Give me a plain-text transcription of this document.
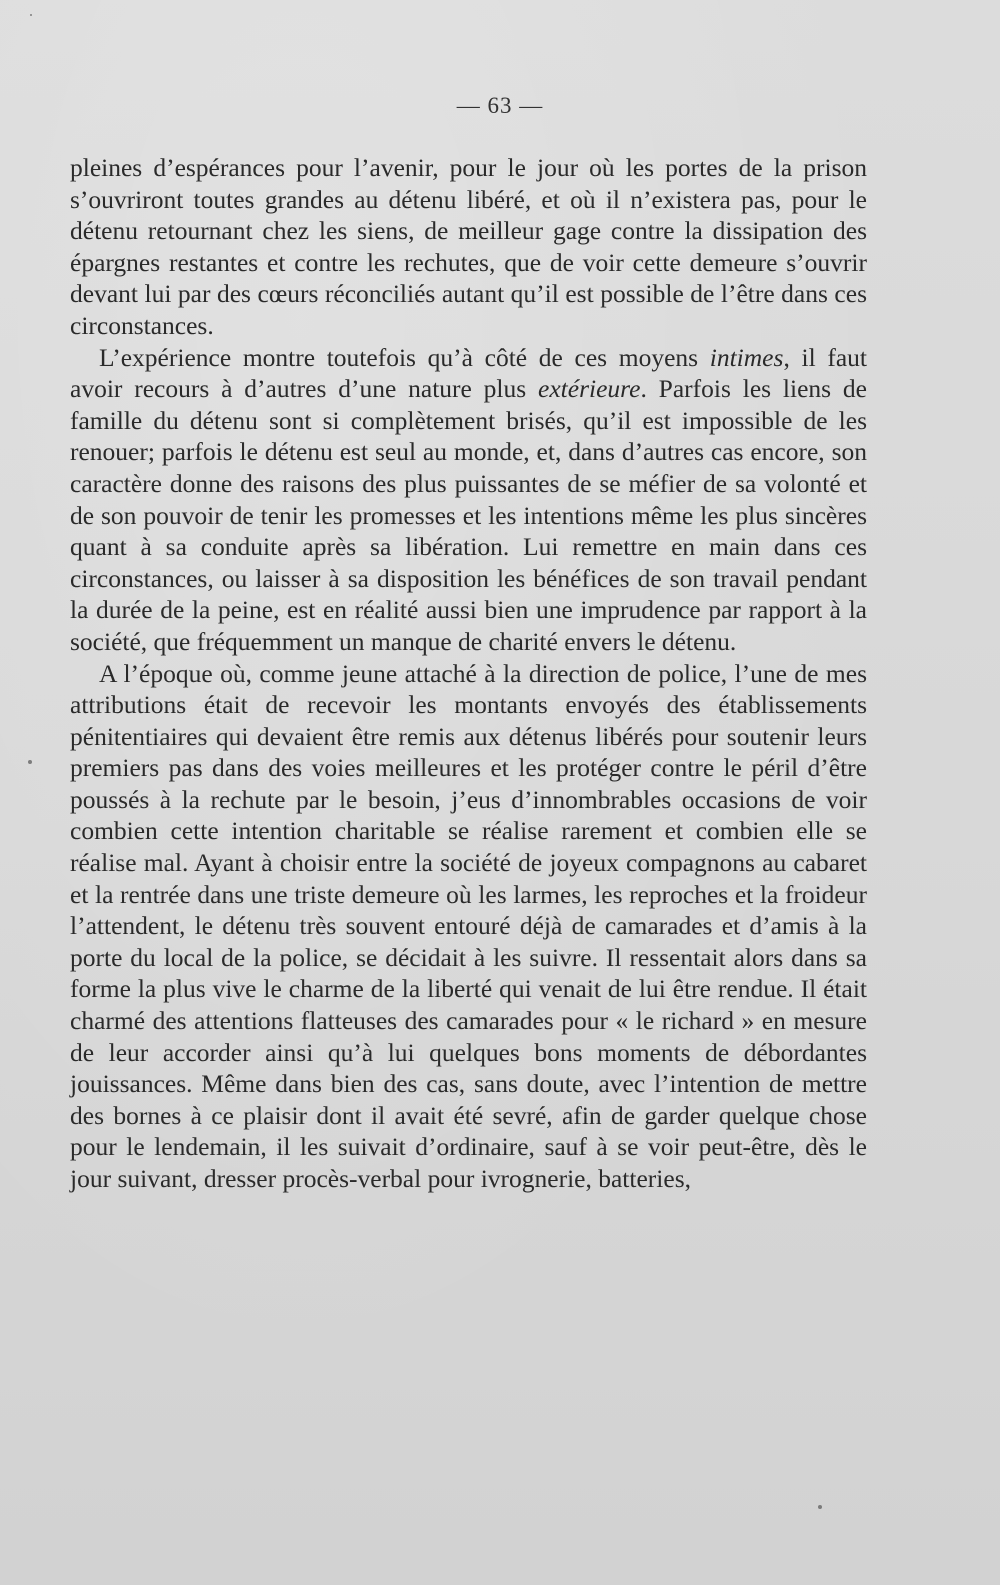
— 63 —

pleines d’espérances pour l’avenir, pour le jour où les portes de la prison s’ouvriront toutes grandes au détenu libéré, et où il n’existera pas, pour le détenu retournant chez les siens, de meilleur gage contre la dissipation des épargnes restantes et contre les rechutes, que de voir cette demeure s’ouvrir devant lui par des cœurs réconciliés autant qu’il est possible de l’être dans ces circonstances.

L’expérience montre toutefois qu’à côté de ces moyens intimes, il faut avoir recours à d’autres d’une nature plus extérieure. Parfois les liens de famille du détenu sont si complètement brisés, qu’il est impossible de les renouer; parfois le détenu est seul au monde, et, dans d’autres cas encore, son caractère donne des raisons des plus puissantes de se méfier de sa volonté et de son pouvoir de tenir les promesses et les intentions même les plus sincères quant à sa conduite après sa libération. Lui remettre en main dans ces circonstances, ou laisser à sa disposition les bénéfices de son travail pendant la durée de la peine, est en réalité aussi bien une imprudence par rapport à la société, que fréquemment un manque de charité envers le détenu.

A l’époque où, comme jeune attaché à la direction de police, l’une de mes attributions était de recevoir les montants envoyés des établissements pénitentiaires qui devaient être remis aux détenus libérés pour soutenir leurs premiers pas dans des voies meilleures et les protéger contre le péril d’être poussés à la rechute par le besoin, j’eus d’innombrables occasions de voir combien cette intention charitable se réalise rarement et combien elle se réalise mal. Ayant à choisir entre la société de joyeux compagnons au cabaret et la rentrée dans une triste demeure où les larmes, les reproches et la froideur l’attendent, le détenu très souvent entouré déjà de camarades et d’amis à la porte du local de la police, se décidait à les suivre. Il ressentait alors dans sa forme la plus vive le charme de la liberté qui venait de lui être rendue. Il était charmé des attentions flatteuses des camarades pour « le richard » en mesure de leur accorder ainsi qu’à lui quelques bons moments de débordantes jouissances. Même dans bien des cas, sans doute, avec l’intention de mettre des bornes à ce plaisir dont il avait été sevré, afin de garder quelque chose pour le lendemain, il les suivait d’ordinaire, sauf à se voir peut-être, dès le jour suivant, dresser procès-verbal pour ivrognerie, batteries,
